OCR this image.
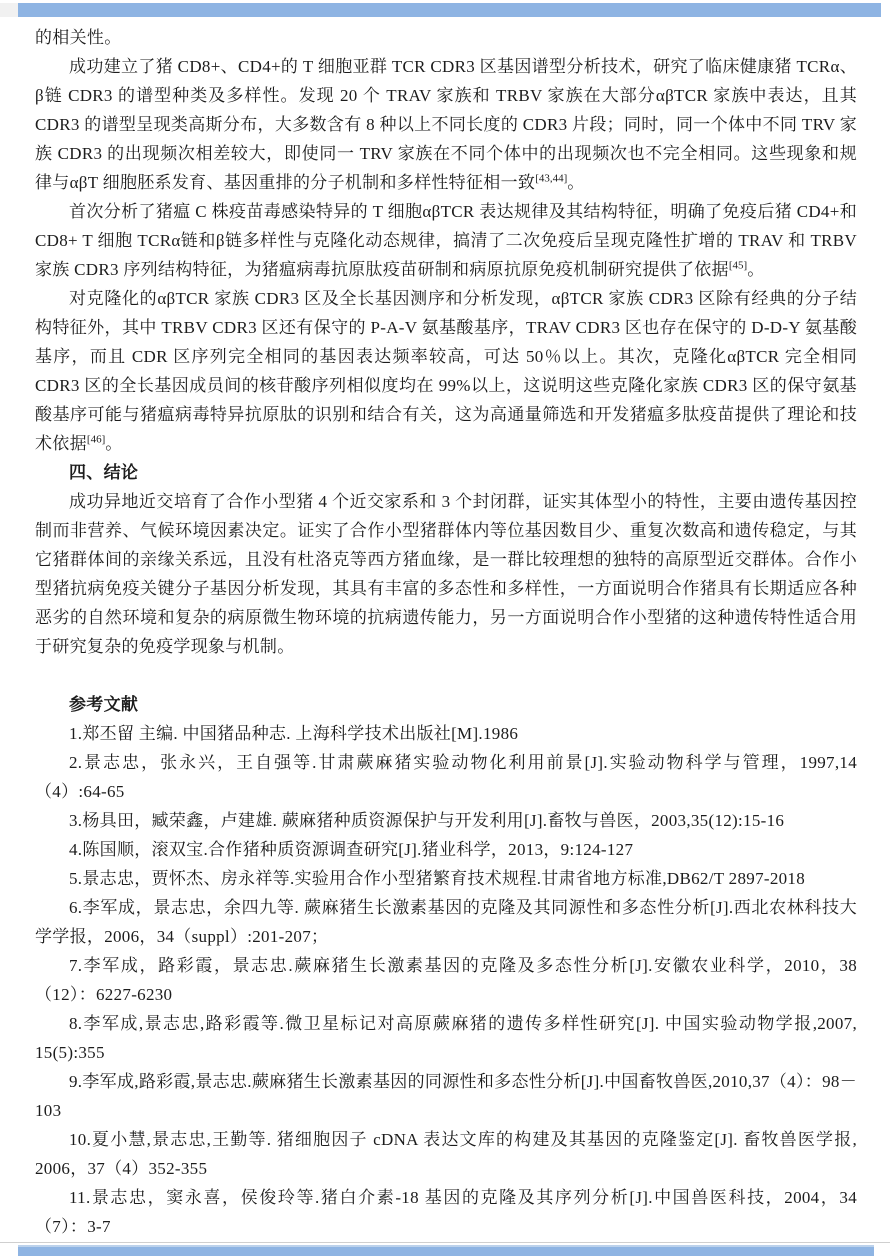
的相关性。

成功建立了猪 CD8+、CD4+的 T 细胞亚群 TCR CDR3 区基因谱型分析技术，研究了临床健康猪 TCRα、β链 CDR3 的谱型种类及多样性。发现 20 个 TRAV 家族和 TRBV 家族在大部分αβTCR 家族中表达，且其 CDR3 的谱型呈现类高斯分布，大多数含有 8 种以上不同长度的 CDR3 片段；同时，同一个体中不同 TRV 家族 CDR3 的出现频次相差较大，即使同一 TRV 家族在不同个体中的出现频次也不完全相同。这些现象和规律与αβT 细胞胚系发育、基因重排的分子机制和多样性特征相一致[43,44]。

首次分析了猪瘟 C 株疫苗毒感染特异的 T 细胞αβTCR 表达规律及其结构特征，明确了免疫后猪 CD4+和 CD8+ T 细胞 TCRα链和β链多样性与克隆化动态规律，搞清了二次免疫后呈现克隆性扩增的 TRAV 和 TRBV 家族 CDR3 序列结构特征，为猪瘟病毒抗原肽疫苗研制和病原抗原免疫机制研究提供了依据[45]。

对克隆化的αβTCR 家族 CDR3 区及全长基因测序和分析发现，αβTCR 家族 CDR3 区除有经典的分子结构特征外，其中 TRBV CDR3 区还有保守的 P-A-V 氨基酸基序，TRAV CDR3 区也存在保守的 D-D-Y 氨基酸基序，而且 CDR 区序列完全相同的基因表达频率较高，可达 50％以上。其次，克隆化αβTCR 完全相同 CDR3 区的全长基因成员间的核苷酸序列相似度均在 99%以上，这说明这些克隆化家族 CDR3 区的保守氨基酸基序可能与猪瘟病毒特异抗原肽的识别和结合有关，这为高通量筛选和开发猪瘟多肽疫苗提供了理论和技术依据[46]。

四、结论

成功异地近交培育了合作小型猪 4 个近交家系和 3 个封闭群，证实其体型小的特性，主要由遗传基因控制而非营养、气候环境因素决定。证实了合作小型猪群体内等位基因数目少、重复次数高和遗传稳定，与其它猪群体间的亲缘关系远，且没有杜洛克等西方猪血缘，是一群比较理想的独特的高原型近交群体。合作小型猪抗病免疫关键分子基因分析发现，其具有丰富的多态性和多样性，一方面说明合作猪具有长期适应各种恶劣的自然环境和复杂的病原微生物环境的抗病遗传能力，另一方面说明合作小型猪的这种遗传特性适合用于研究复杂的免疫学现象与机制。

参考文献

1.郑丕留 主编. 中国猪品种志. 上海科学技术出版社[M].1986

2.景志忠，张永兴，王自强等.甘肃蕨麻猪实验动物化利用前景[J].实验动物科学与管理，1997,14（4）:64-65

3.杨具田，臧荣鑫，卢建雄. 蕨麻猪种质资源保护与开发利用[J].畜牧与兽医，2003,35(12):15-16

4.陈国顺，滚双宝.合作猪种质资源调查研究[J].猪业科学，2013，9:124-127

5.景志忠，贾怀杰、房永祥等.实验用合作小型猪繁育技术规程.甘肃省地方标准,DB62/T 2897-2018

6.李军成，景志忠，余四九等. 蕨麻猪生长激素基因的克隆及其同源性和多态性分析[J].西北农林科技大学学报，2006，34（suppl）:201-207；

7.李军成，路彩霞，景志忠.蕨麻猪生长激素基因的克隆及多态性分析[J].安徽农业科学，2010，38（12）：6227-6230

8.李军成,景志忠,路彩霞等.微卫星标记对高原蕨麻猪的遗传多样性研究[J]. 中国实验动物学报,2007, 15(5):355

9.李军成,路彩霞,景志忠.蕨麻猪生长激素基因的同源性和多态性分析[J].中国畜牧兽医,2010,37（4）：98－103

10.夏小慧,景志忠,王勤等. 猪细胞因子 cDNA 表达文库的构建及其基因的克隆鉴定[J]. 畜牧兽医学报, 2006，37（4）352-355

11.景志忠，窦永喜，侯俊玲等.猪白介素-18 基因的克隆及其序列分析[J].中国兽医科技，2004，34（7）：3-7
